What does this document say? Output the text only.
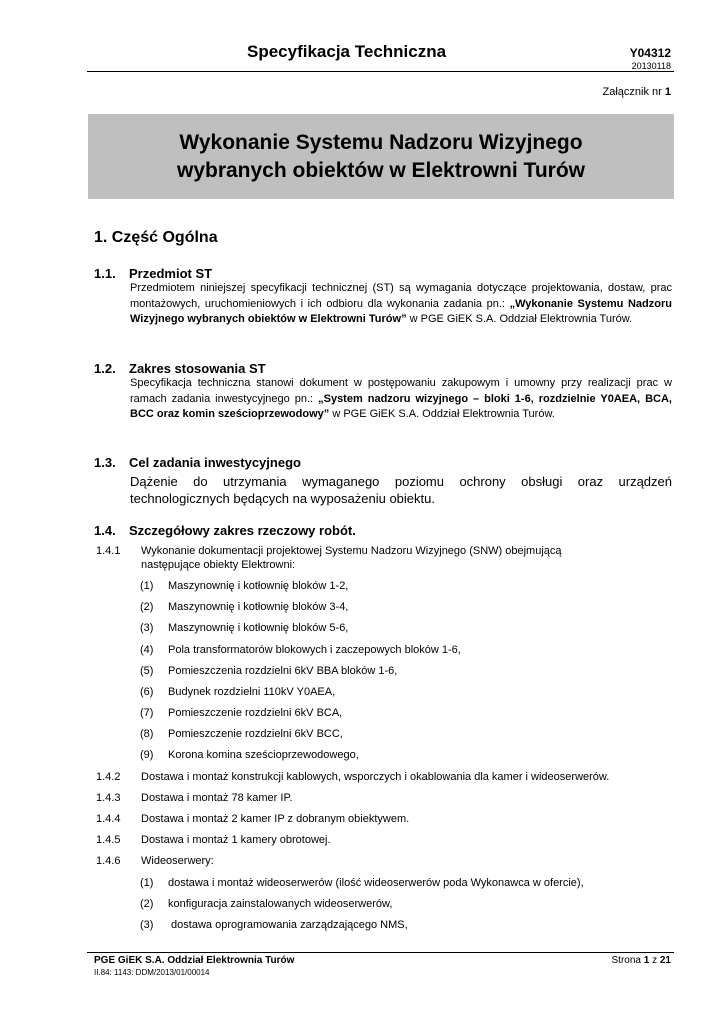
Specyfikacja Techniczna	Y04312
20130118
Załącznik nr 1
Wykonanie Systemu Nadzoru Wizyjnego
wybranych obiektów w Elektrowni Turów
1. Część Ogólna
1.1. Przedmiot ST
Przedmiotem niniejszej specyfikacji technicznej (ST) są wymagania dotyczące projektowania, dostaw, prac montażowych, uruchomieniowych i ich odbioru dla wykonania zadania pn.: „Wykonanie Systemu Nadzoru Wizyjnego wybranych obiektów w Elektrowni Turów” w PGE GiEK S.A. Oddział Elektrownia Turów.
1.2. Zakres stosowania ST
Specyfikacja techniczna stanowi dokument w postępowaniu zakupowym i umowny przy realizacji prac w ramach zadania inwestycyjnego pn.: „System nadzoru wizyjnego – bloki 1-6, rozdzielnie Y0AEA, BCA, BCC oraz komin sześcioprzewodowy” w PGE GiEK S.A. Oddział Elektrownia Turów.
1.3. Cel zadania inwestycyjnego
Dążenie do utrzymania wymaganego poziomu ochrony obsługi oraz urządzeń technologicznych będących na wyposażeniu obiektu.
1.4. Szczegółowy zakres rzeczowy robót.
1.4.1 Wykonanie dokumentacji projektowej Systemu Nadzoru Wizyjnego (SNW) obejmującą
następujące obiekty Elektrowni:
(1) Maszynownię i kotłownię bloków 1-2,
(2) Maszynownię i kotłownię bloków 3-4,
(3) Maszynownię i kotłownię bloków 5-6,
(4) Pola transformatorów blokowych i zaczepowych bloków 1-6,
(5) Pomieszczenia rozdzielni 6kV BBA bloków 1-6,
(6) Budynek rozdzielni 110kV Y0AEA,
(7) Pomieszczenie rozdzielni 6kV BCA,
(8) Pomieszczenie rozdzielni 6kV BCC,
(9) Korona komina sześcioprzewodowego,
1.4.2 Dostawa i montaż konstrukcji kablowych, wsporczych i okablowania dla kamer i wideoserwerów.
1.4.3 Dostawa i montaż 78 kamer IP.
1.4.4 Dostawa i montaż 2 kamer IP z dobranym obiektywem.
1.4.5 Dostawa i montaż 1 kamery obrotowej.
1.4.6 Wideoserwery:
(1) dostawa i montaż wideoserwerów (ilość wideoserwerów poda Wykonawca w ofercie),
(2) konfiguracja zainstalowanych wideoserwerów,
(3) dostawa oprogramowania zarządzającego NMS,
PGE GiEK S.A. Oddział Elektrownia Turów
II.84: 1143: DDM/2013/01/00014
Strona 1 z 21
